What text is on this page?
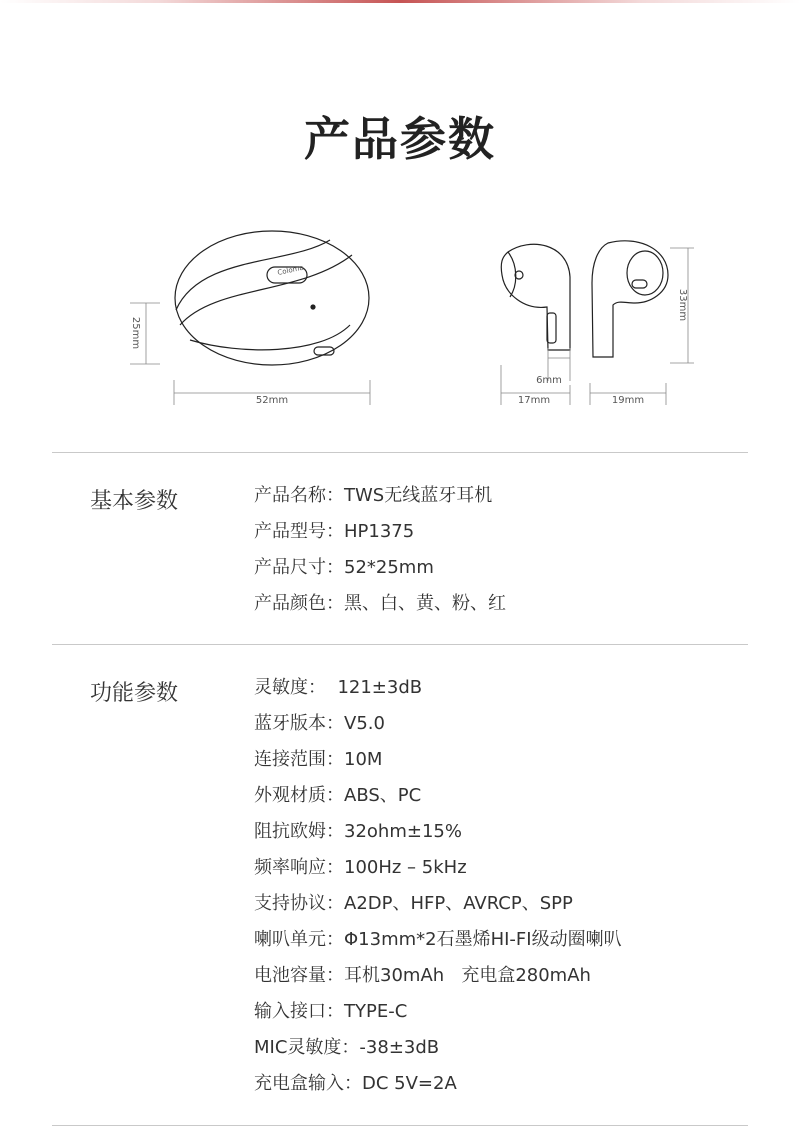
产品参数
Coloma
25mm
52mm
6mm
17mm	19mm
33mm
基本参数	产品名称：TWS无线蓝牙耳机
产品型号：HP1375
产品尺寸：52*25mm
产品颜色：黑、白、黄、粉、红
功能参数	灵敏度：  121±3dB
蓝牙版本：V5.0
连接范围：10M
外观材质：ABS、PC
阻抗欧姆：32ohm±15%
频率响应：100Hz – 5kHz
支持协议：A2DP、HFP、AVRCP、SPP
喇叭单元：Φ13mm*2石墨烯HI-FI级动圈喇叭
电池容量：耳机30mAh   充电盒280mAh
输入接口：TYPE-C
MIC灵敏度：-38±3dB
充电盒输入：DC 5V=2A
